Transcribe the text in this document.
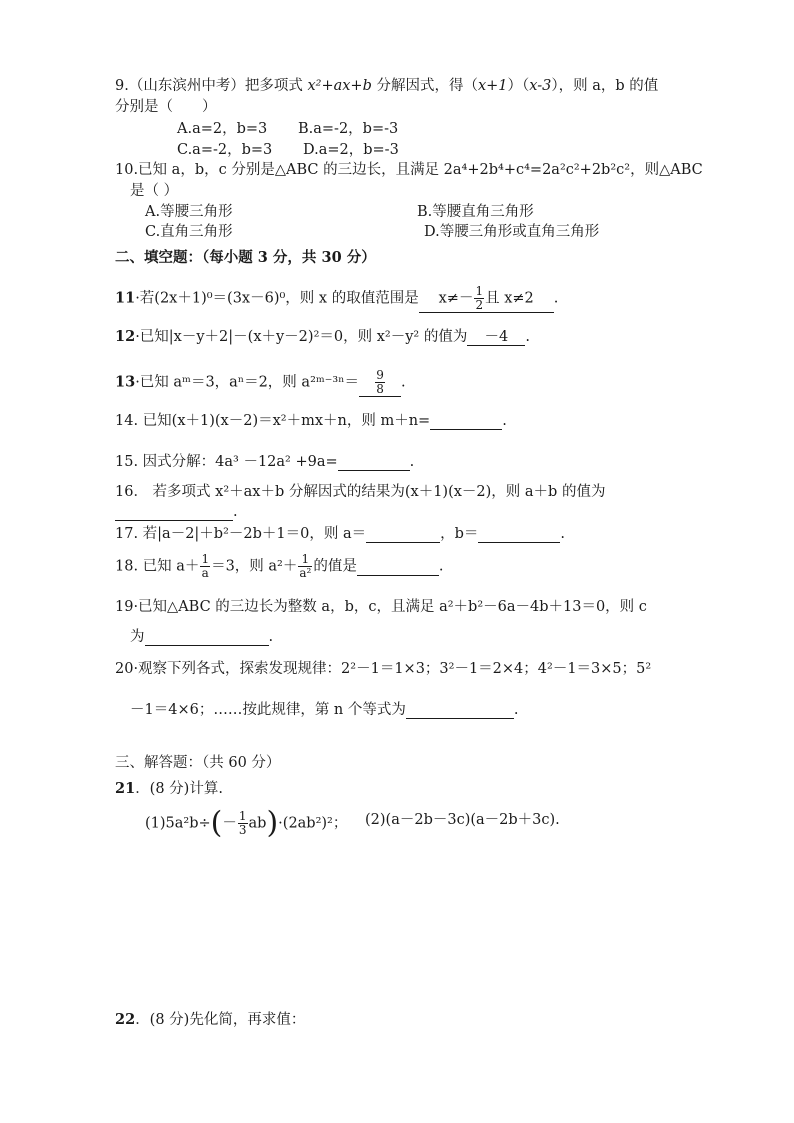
9.（山东滨州中考）把多项式 x²+ax+b 分解因式，得（x+1）（x-3），则 a，b 的值
分别是（　　）
A.a=2，b=3 B.a=-2，b=-3
C.a=-2，b=3 D.a=2，b=-3
10.已知 a，b，c 分别是△ABC 的三边长，且满足 2a⁴+2b⁴+c⁴=2a²c²+2b²c²，则△ABC
是（ ）
A.等腰三角形	B.等腰直角三角形
C.直角三角形	D.等腰三角形或直角三角形
二、填空题：（每小题 3 分，共 30 分）
11·若(2x＋1)⁰＝(3x－6)⁰，则 x 的取值范围是 $x\ne- \frac{1}{2}$ 且 x≠2 .
12·已知|x－y＋2|－(x＋y－2)²＝0，则 x²－y² 的值为 －4 .
13·已知 aᵐ＝3，aⁿ＝2，则 a²ᵐ⁻³ⁿ＝ $\frac{9}{8}$ .
14. 已知(x＋1)(x－2)＝x²＋mx＋n，则 m＋n=	.
15. 因式分解：4a³ －12a² +9a=	.
16． 若多项式 x²＋ax＋b 分解因式的结果为(x＋1)(x－2)，则 a＋b 的值为
.
17. 若|a－2|＋b²－2b＋1＝0，则 a＝	，b＝	.
18. 已知 $a+ \frac{1}{a} =3$，则 $a^2+ \frac{1}{\text{a²}}$ 的值是	.
19·已知△ABC 的三边长为整数 a，b，c，且满足 a²＋b²－6a－4b＋13＝0，则 c
为	.
20·观察下列各式，探索发现规律：2²－1＝1×3；3²－1＝2×4；4²－1＝3×5；5²
－1＝4×6；……按此规律，第 n 个等式为	.
三、解答题：（共 60 分）
21．(8 分)计算.
$(1)5a^2b\div(- \frac{1}{3} ab)\cdot(2ab^2)^2$； (2)(a－2b－3c)(a－2b＋3c).
22．(8 分)先化简，再求值：
